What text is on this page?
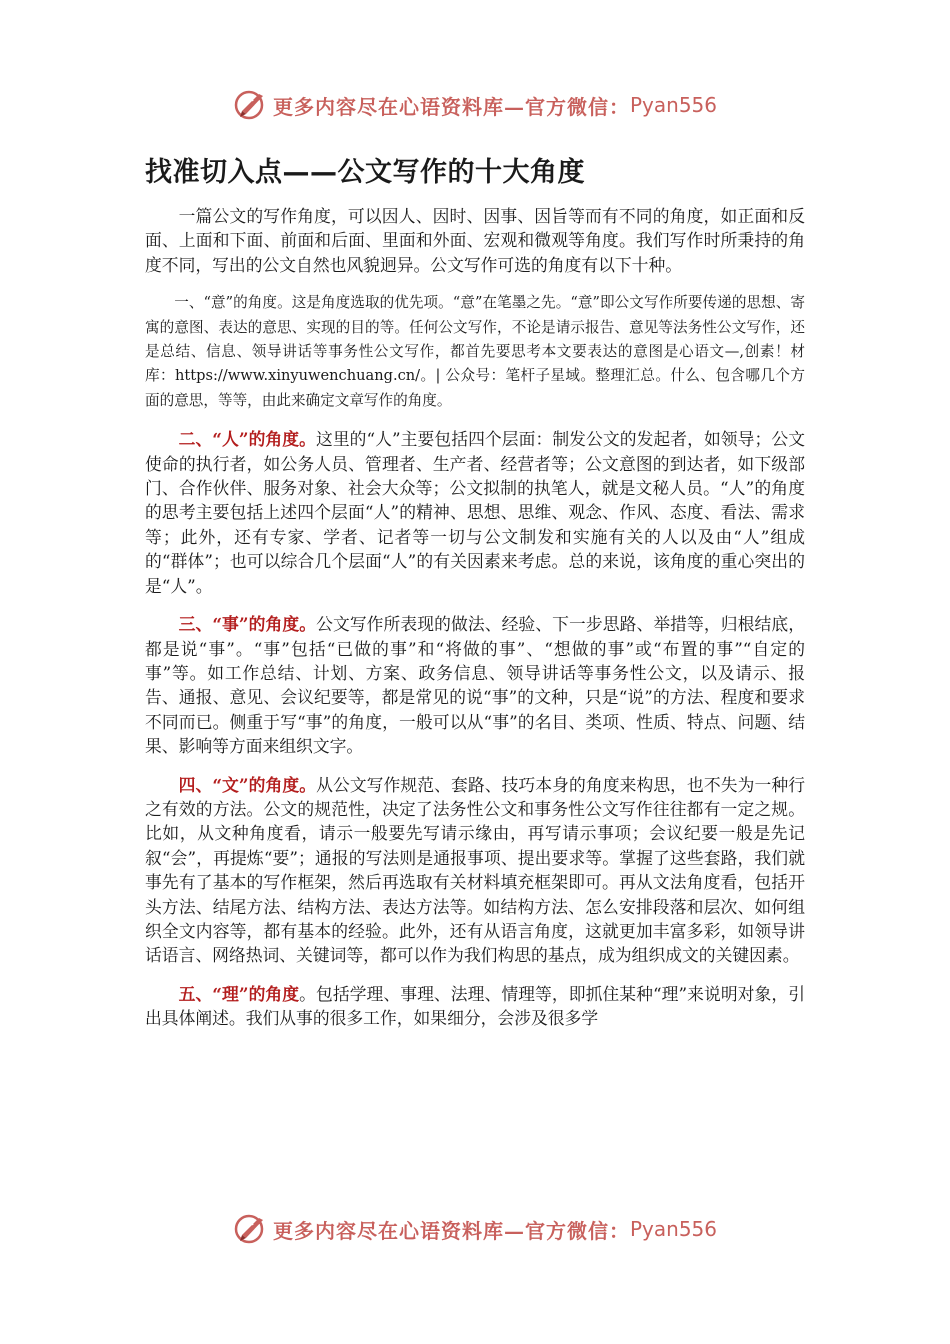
更多内容尽在心语资料库—官方微信： Pyan556
找准切入点——公文写作的十大角度

一篇公文的写作角度，可以因人、因时、因事、因旨等而有不同的角度，如正面和反面、上面和下面、前面和后面、里面和外面、宏观和微观等角度。我们写作时所秉持的角度不同，写出的公文自然也风貌迥异。公文写作可选的角度有以下十种。

一、“意”的角度。这是角度选取的优先项。“意”在笔墨之先。“意”即公文写作所要传递的思想、寄寓的意图、表达的意思、实现的目的等。任何公文写作，不论是请示报告、意见等法务性公文写作，还是总结、信息、领导讲话等事务性公文写作，都首先要思考本文要表达的意图是心语文—,创素！材库：https://www.xinyuwenchuang.cn/。| 公众号：笔杆子星域。整理汇总。什么、包含哪几个方面的意思，等等，由此来确定文章写作的角度。

二、“人”的角度。这里的“人”主要包括四个层面：制发公文的发起者，如领导；公文使命的执行者，如公务人员、管理者、生产者、经营者等；公文意图的到达者，如下级部门、合作伙伴、服务对象、社会大众等；公文拟制的执笔人，就是文秘人员。“人”的角度的思考主要包括上述四个层面“人”的精神、思想、思维、观念、作风、态度、看法、需求等；此外，还有专家、学者、记者等一切与公文制发和实施有关的人以及由“人”组成的“群体”；也可以综合几个层面“人”的有关因素来考虑。总的来说，该角度的重心突出的是“人”。

三、“事”的角度。公文写作所表现的做法、经验、下一步思路、举措等，归根结底，都是说“事”。“事”包括“已做的事”和“将做的事”、“想做的事”或“布置的事”“自定的事”等。如工作总结、计划、方案、政务信息、领导讲话等事务性公文，以及请示、报告、通报、意见、会议纪要等，都是常见的说“事”的文种，只是“说”的方法、程度和要求不同而已。侧重于写“事”的角度，一般可以从“事”的名目、类项、性质、特点、问题、结果、影响等方面来组织文字。

四、“文”的角度。从公文写作规范、套路、技巧本身的角度来构思，也不失为一种行之有效的方法。公文的规范性，决定了法务性公文和事务性公文写作往往都有一定之规。比如，从文种角度看，请示一般要先写请示缘由，再写请示事项；会议纪要一般是先记叙“会”，再提炼“要”；通报的写法则是通报事项、提出要求等。掌握了这些套路，我们就事先有了基本的写作框架，然后再选取有关材料填充框架即可。再从文法角度看，包括开头方法、结尾方法、结构方法、表达方法等。如结构方法、怎么安排段落和层次、如何组织全文内容等，都有基本的经验。此外，还有从语言角度，这就更加丰富多彩，如领导讲话语言、网络热词、关键词等，都可以作为我们构思的基点，成为组织成文的关键因素。

五、“理”的角度。包括学理、事理、法理、情理等，即抓住某种“理”来说明对象，引出具体阐述。我们从事的很多工作，如果细分，会涉及很多学

更多内容尽在心语资料库—官方微信： Pyan556
